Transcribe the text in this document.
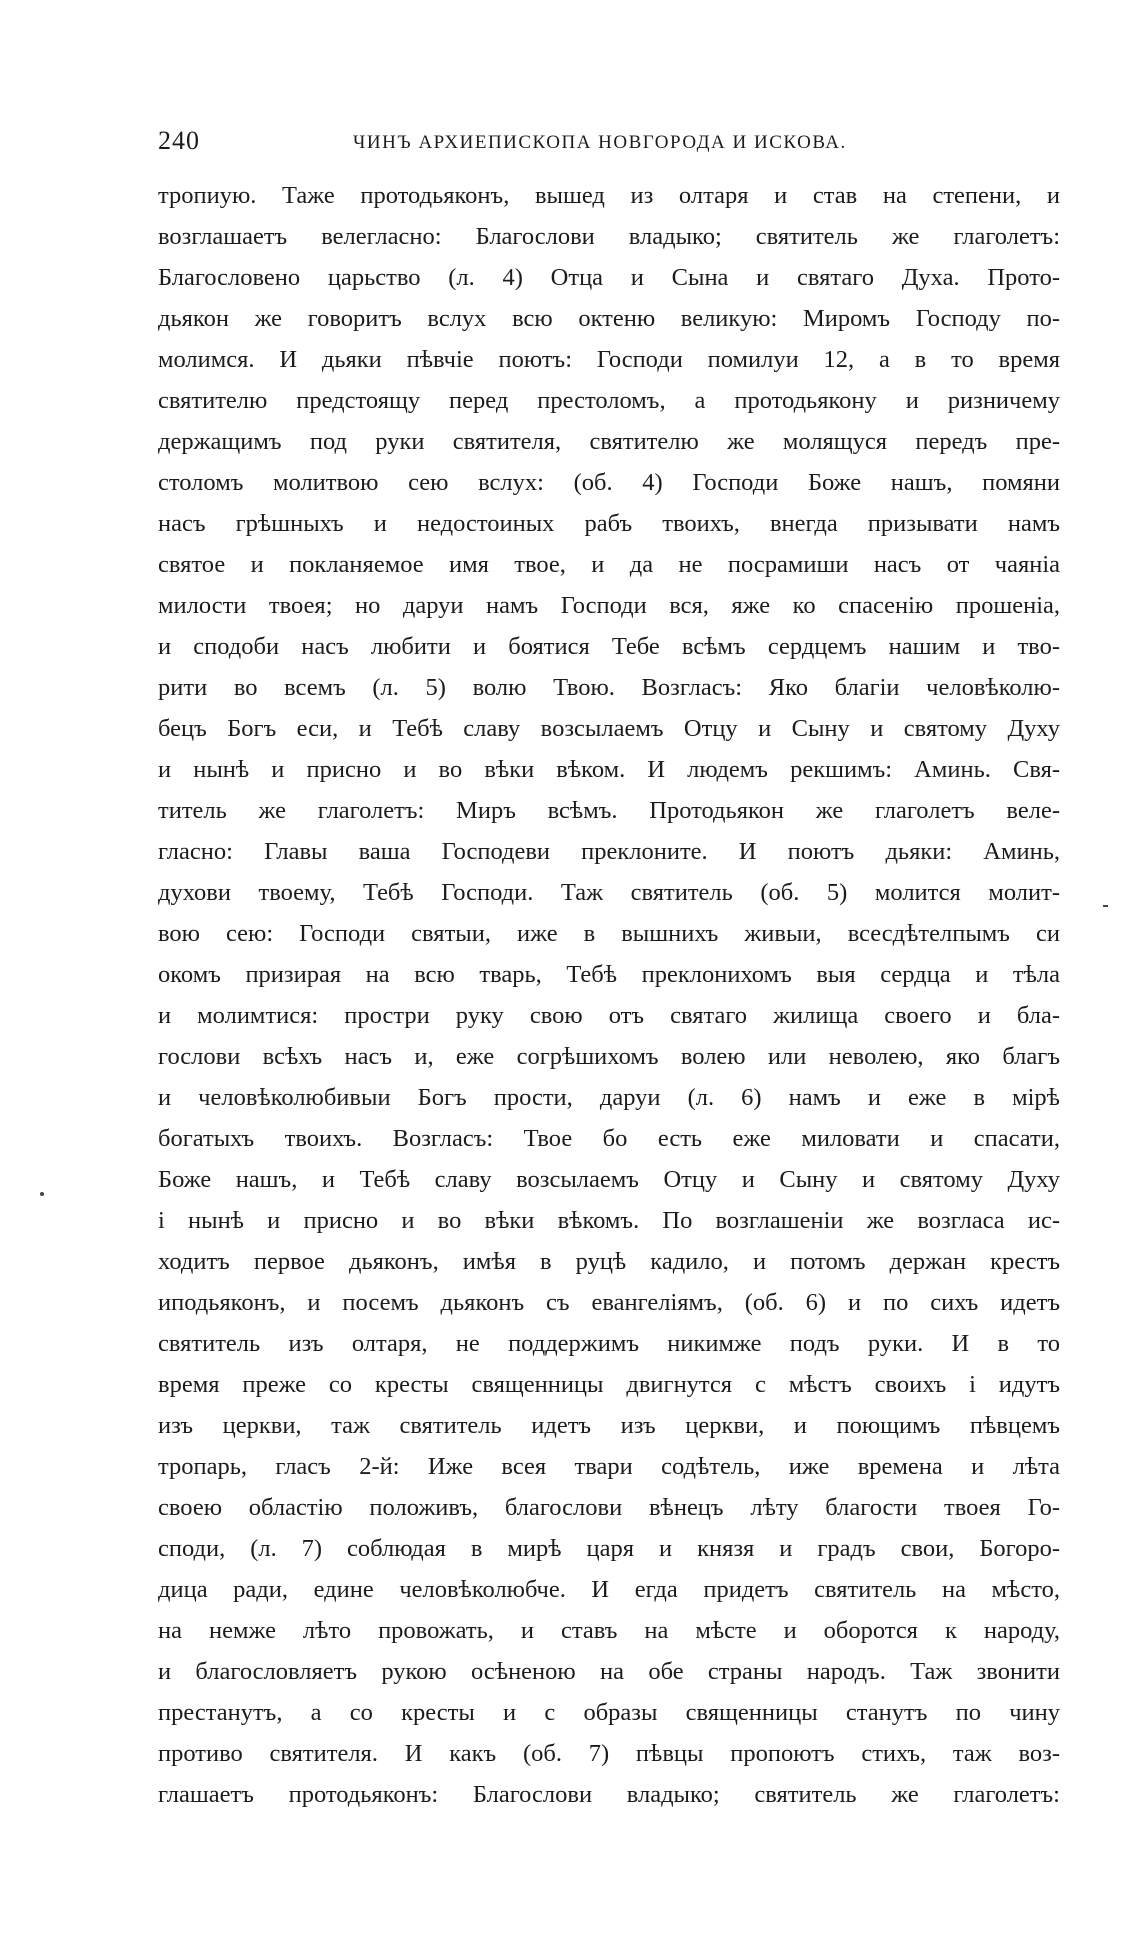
240	ЧИНЪ АРХИЕПИСКОПА НОВГОРОДА И ИСКОВА.
тропиую. Таже протодьяконъ, вышед из олтаря и став на степени, и
возглашаетъ велегласно: Благослови владыко; святитель же глаголетъ:
Благословено царьство (л. 4) Отца и Сына и святаго Духа. Прото-
дьякон же говоритъ вслух всю октеню великую: Миромъ Господу по-
молимся. И дьяки пѣвчіе поютъ: Господи помилуи 12, а в то время
святителю предстоящу перед престоломъ, а протодьякону и ризничему
держащимъ под руки святителя, святителю же молящуся передъ пре-
столомъ молитвою сею вслух: (об. 4) Господи Боже нашъ, помяни
насъ грѣшныхъ и недостоиных рабъ твоихъ, внегда призывати намъ
святое и покланяемое имя твое, и да не посрамиши насъ от чаяніа
милости твоея; но даруи намъ Господи вся, яже ко спасенію прошеніа,
и сподоби насъ любити и боятися Тебе всѣмъ сердцемъ нашим и тво-
рити во всемъ (л. 5) волю Твою. Возгласъ: Яко благіи человѣколю-
бецъ Богъ еси, и Тебѣ славу возсылаемъ Отцу и Сыну и святому Духу
и нынѣ и присно и во вѣки вѣком. И людемъ рекшимъ: Аминь. Свя-
титель же глаголетъ: Миръ всѣмъ. Протодьякон же глаголетъ веле-
гласно: Главы ваша Господеви преклоните. И поютъ дьяки: Аминь,
духови твоему, Тебѣ Господи. Таж святитель (об. 5) молится молит-
вою сею: Господи святыи, иже в вышнихъ живыи, всесдѣтелпымъ си
окомъ призирая на всю тварь, Тебѣ преклонихомъ выя сердца и тѣла
и молимтися: простри руку свою отъ святаго жилища своего и бла-
гослови всѣхъ насъ и, еже согрѣшихомъ волею или неволею, яко благъ
и человѣколюбивыи Богъ прости, даруи (л. 6) намъ и еже в мірѣ
богатыхъ твоихъ. Возгласъ: Твое бо есть еже миловати и спасати,
Боже нашъ, и Тебѣ славу возсылаемъ Отцу и Сыну и святому Духу
і нынѣ и присно и во вѣки вѣкомъ. По возглашеніи же возгласа ис-
ходитъ первое дьяконъ, имѣя в руцѣ кадило, и потомъ держан крестъ
иподьяконъ, и посемъ дьяконъ съ евангеліямъ, (об. 6) и по сихъ идетъ
святитель изъ олтаря, не поддержимъ никимже подъ руки. И в то
время преже со кресты священницы двигнутся с мѣстъ своихъ і идутъ
изъ церкви, таж святитель идетъ изъ церкви, и поющимъ пѣвцемъ
тропарь, гласъ 2-й: Иже всея твари содѣтель, иже времена и лѣта
своею областію положивъ, благослови вѣнецъ лѣту благости твоея Го-
споди, (л. 7) соблюдая в мирѣ царя и князя и градъ свои, Богоро-
дица ради, едине человѣколюбче. И егда придетъ святитель на мѣсто,
на немже лѣто провожать, и ставъ на мѣсте и оборотся к народу,
и благословляетъ рукою осѣненою на обе страны народъ. Таж звонити
престанутъ, а со кресты и с образы священницы станутъ по чину
противо святителя. И какъ (об. 7) пѣвцы пропоютъ стихъ, таж воз-
глашаетъ протодьяконъ: Благослови владыко; святитель же глаголетъ:
